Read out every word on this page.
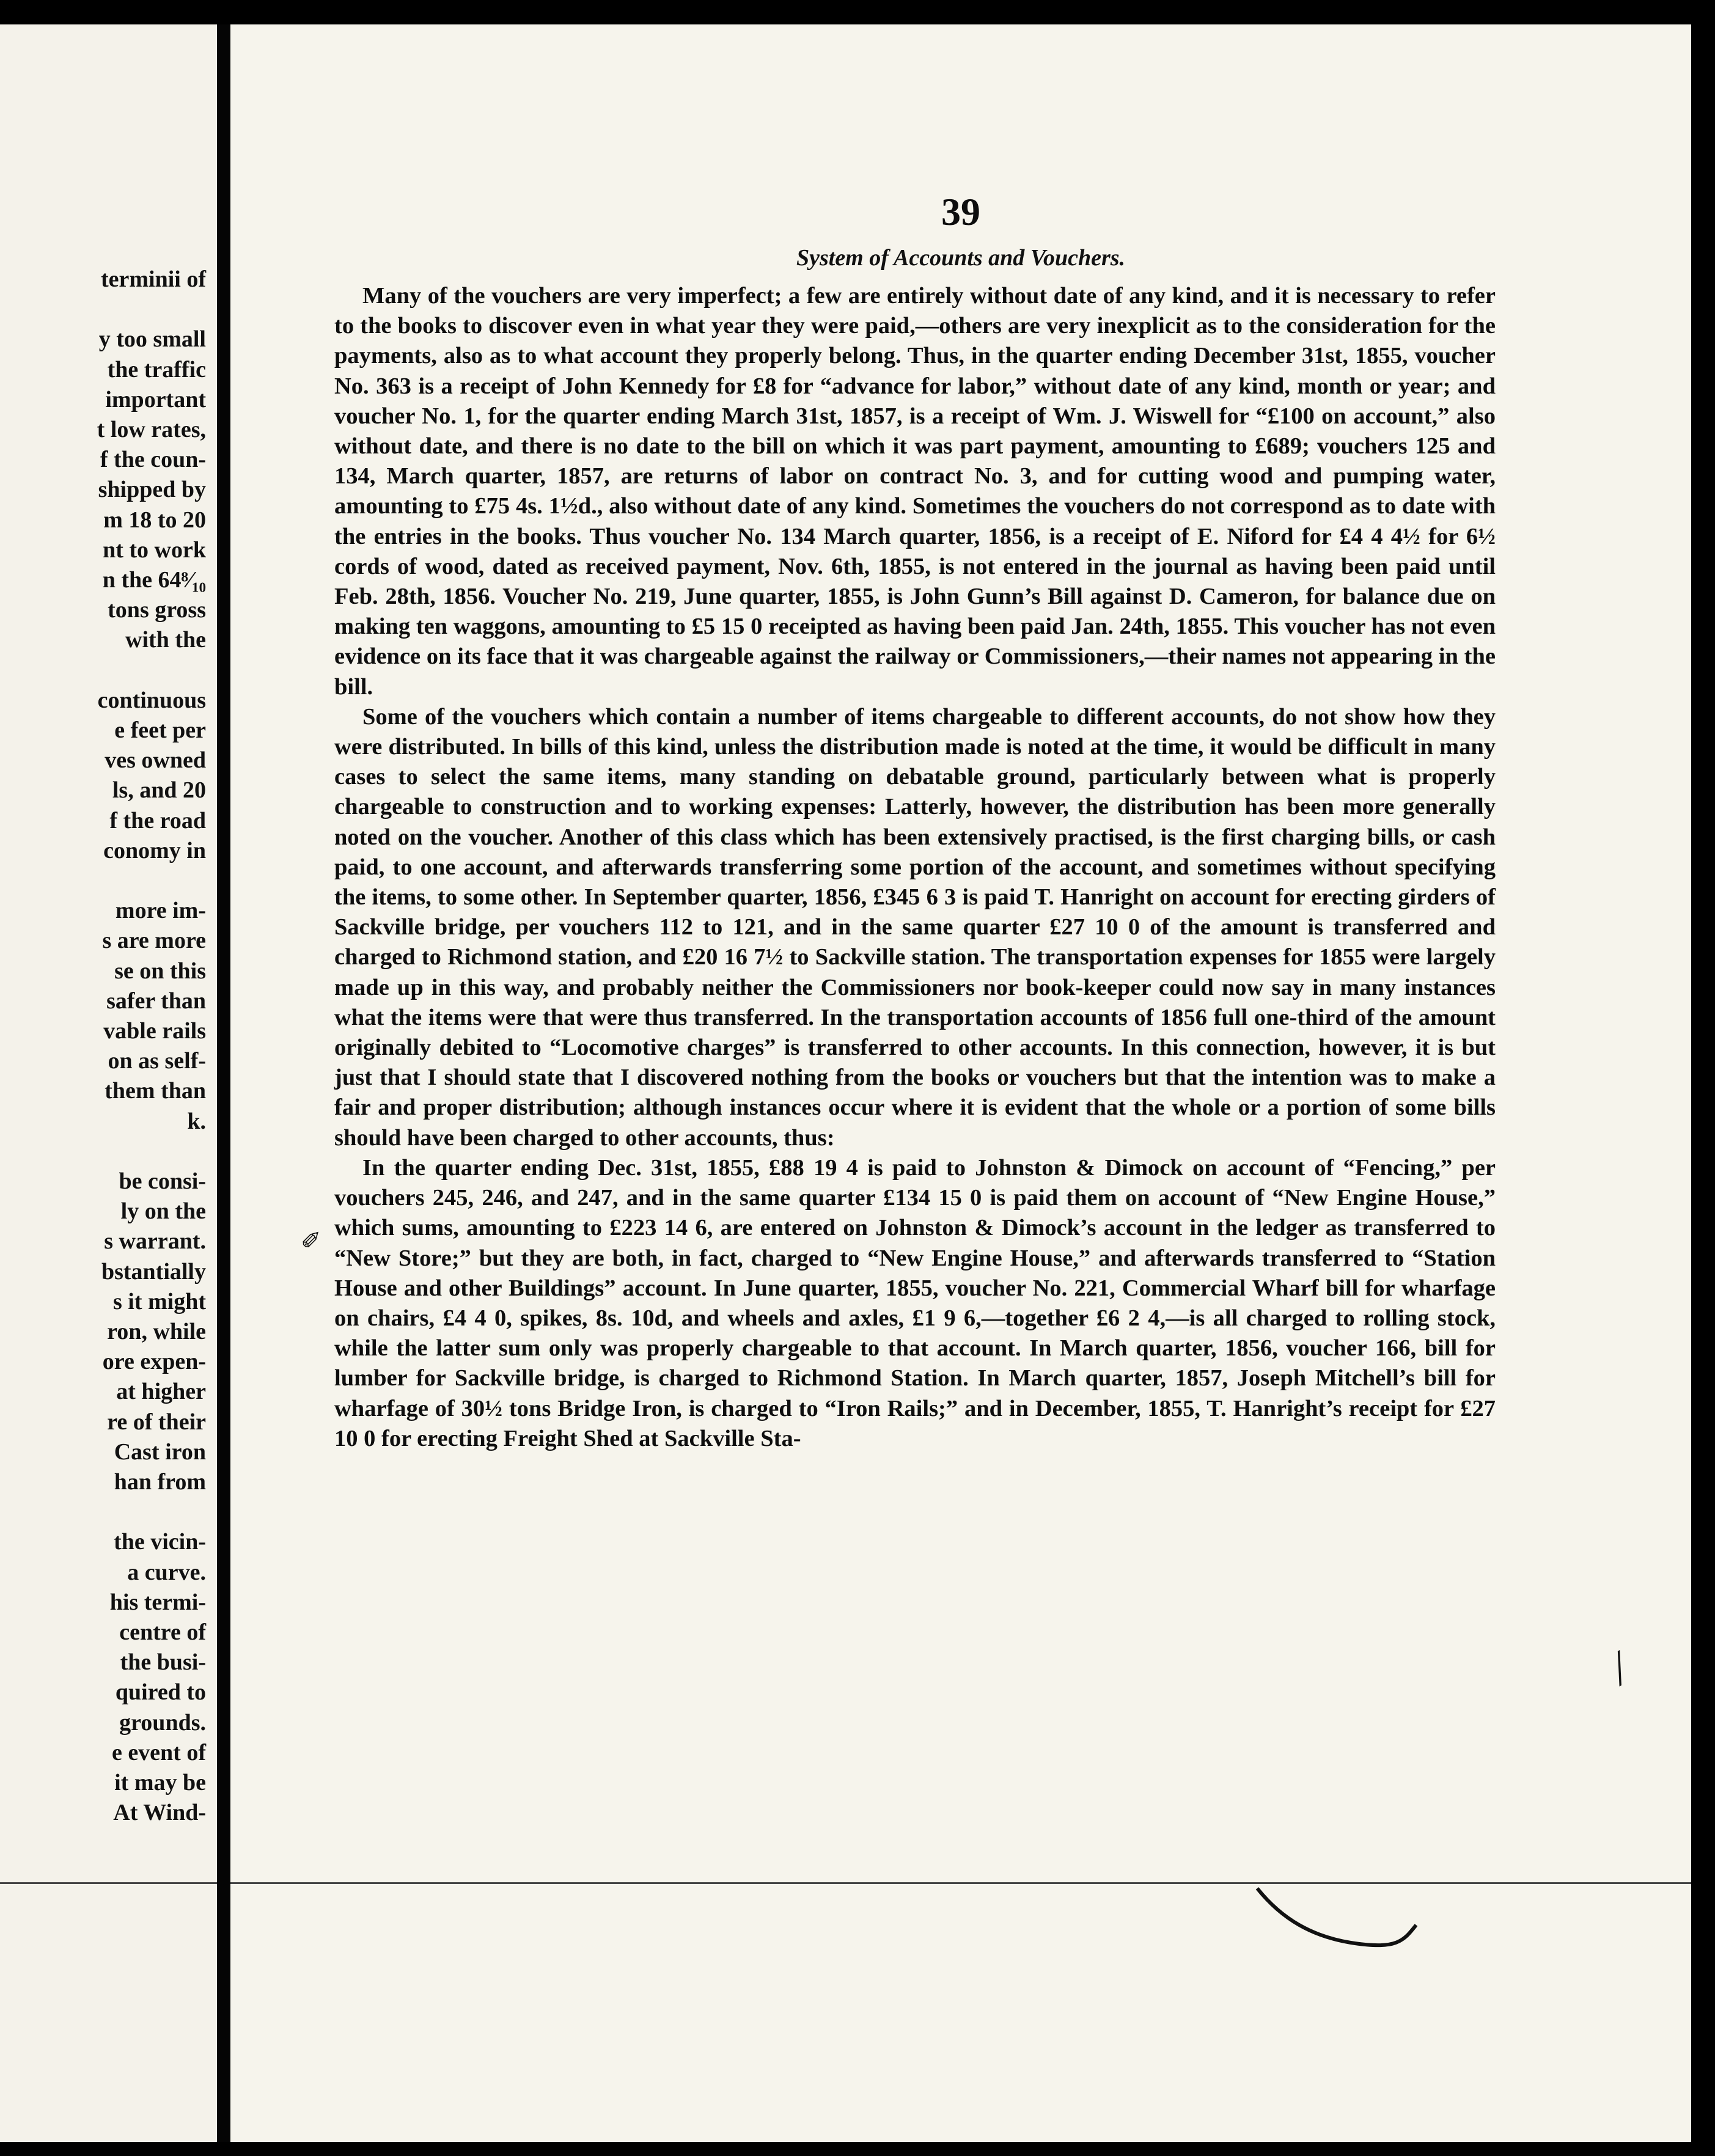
terminii of
y too small
the traffic
important
t low rates,
f the coun-
shipped by
m 18 to 20
nt to work
n the 64⁸⁄₁₀
tons gross
with the
continuous
e feet per
ves owned
ls, and 20
f the road
conomy in
more im-
s are more
se on this
safer than
vable rails
on as self-
them than
k.
be consi-
ly on the
s warrant.
bstantially
s it might
ron, while
ore expen-
at higher
re of their
Cast iron
han from
the vicin-
a curve.
his termi-
centre of
the busi-
quired to
grounds.
e event of
it may be
At Wind-
39
System of Accounts and Vouchers.

Many of the vouchers are very imperfect; a few are entirely without date of any kind, and it is necessary to refer to the books to discover even in what year they were paid,—others are very inexplicit as to the consideration for the payments, also as to what account they properly belong. Thus, in the quarter ending December 31st, 1855, voucher No. 363 is a receipt of John Kennedy for £8 for “advance for labor,” without date of any kind, month or year; and voucher No. 1, for the quarter ending March 31st, 1857, is a receipt of Wm. J. Wiswell for “£100 on account,” also without date, and there is no date to the bill on which it was part payment, amounting to £689; vouchers 125 and 134, March quarter, 1857, are returns of labor on contract No. 3, and for cutting wood and pumping water, amounting to £75 4s. 1½d., also without date of any kind. Sometimes the vouchers do not correspond as to date with the entries in the books. Thus voucher No. 134 March quarter, 1856, is a receipt of E. Niford for £4 4 4½ for 6½ cords of wood, dated as received payment, Nov. 6th, 1855, is not entered in the journal as having been paid until Feb. 28th, 1856. Voucher No. 219, June quarter, 1855, is John Gunn’s Bill against D. Cameron, for balance due on making ten waggons, amounting to £5 15 0 receipted as having been paid Jan. 24th, 1855. This voucher has not even evidence on its face that it was chargeable against the railway or Commissioners,—their names not appearing in the bill.

Some of the vouchers which contain a number of items chargeable to different accounts, do not show how they were distributed. In bills of this kind, unless the distribution made is noted at the time, it would be difficult in many cases to select the same items, many standing on debatable ground, particularly between what is properly chargeable to construction and to working expenses: Latterly, however, the distribution has been more generally noted on the voucher. Another of this class which has been extensively practised, is the first charging bills, or cash paid, to one account, and afterwards transferring some portion of the account, and sometimes without specifying the items, to some other. In September quarter, 1856, £345 6 3 is paid T. Hanright on account for erecting girders of Sackville bridge, per vouchers 112 to 121, and in the same quarter £27 10 0 of the amount is transferred and charged to Richmond station, and £20 16 7½ to Sackville station. The transportation expenses for 1855 were largely made up in this way, and probably neither the Commissioners nor book-keeper could now say in many instances what the items were that were thus transferred. In the transportation accounts of 1856 full one-third of the amount originally debited to “Locomotive charges” is transferred to other accounts. In this connection, however, it is but just that I should state that I discovered nothing from the books or vouchers but that the intention was to make a fair and proper distribution; although instances occur where it is evident that the whole or a portion of some bills should have been charged to other accounts, thus:

In the quarter ending Dec. 31st, 1855, £88 19 4 is paid to Johnston & Dimock on account of “Fencing,” per vouchers 245, 246, and 247, and in the same quarter £134 15 0 is paid them on account of “New Engine House,” which sums, amounting to £223 14 6, are entered on Johnston & Dimock’s account in the ledger as transferred to “New Store;” but they are both, in fact, charged to “New Engine House,” and afterwards transferred to “Station House and other Buildings” account. In June quarter, 1855, voucher No. 221, Commercial Wharf bill for wharfage on chairs, £4 4 0, spikes, 8s. 10d, and wheels and axles, £1 9 6,—together £6 2 4,—is all charged to rolling stock, while the latter sum only was properly chargeable to that account. In March quarter, 1856, voucher 166, bill for lumber for Sackville bridge, is charged to Richmond Station. In March quarter, 1857, Joseph Mitchell’s bill for wharfage of 30½ tons Bridge Iron, is charged to “Iron Rails;” and in December, 1855, T. Hanright’s receipt for £27 10 0 for erecting Freight Shed at Sackville Sta-

✐
╱
